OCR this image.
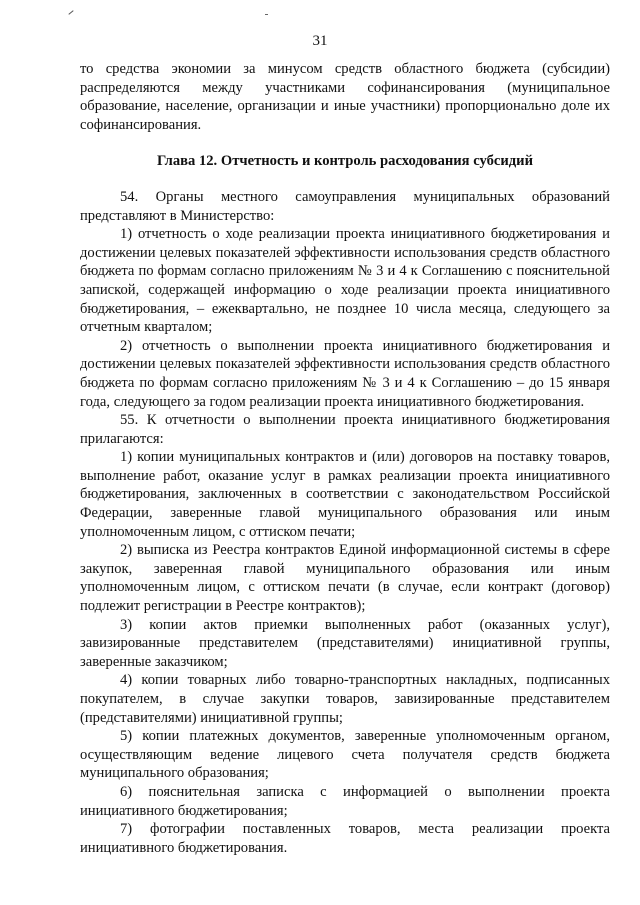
31

то средства экономии за минусом средств областного бюджета (субсидии) распределяются между участниками софинансирования (муниципальное образование, население, организации и иные участники) пропорционально доле их софинансирования.

Глава 12. Отчетность и контроль расходования субсидий

54. Органы местного самоуправления муниципальных образований представляют в Министерство:

1) отчетность о ходе реализации проекта инициативного бюджетирования и достижении целевых показателей эффективности использования средств областного бюджета по формам согласно приложениям № 3 и 4 к Соглашению с пояснительной запиской, содержащей информацию о ходе реализации проекта инициативного бюджетирования, – ежеквартально, не позднее 10 числа месяца, следующего за отчетным кварталом;

2) отчетность о выполнении проекта инициативного бюджетирования и достижении целевых показателей эффективности использования средств областного бюджета по формам согласно приложениям № 3 и 4 к Соглашению – до 15 января года, следующего за годом реализации проекта инициативного бюджетирования.

55. К отчетности о выполнении проекта инициативного бюджетирования прилагаются:

1) копии муниципальных контрактов и (или) договоров на поставку товаров, выполнение работ, оказание услуг в рамках реализации проекта инициативного бюджетирования, заключенных в соответствии с законодательством Российской Федерации, заверенные главой муниципального образования или иным уполномоченным лицом, с оттиском печати;

2) выписка из Реестра контрактов Единой информационной системы в сфере закупок, заверенная главой муниципального образования или иным уполномоченным лицом, с оттиском печати (в случае, если контракт (договор) подлежит регистрации в Реестре контрактов);

3) копии актов приемки выполненных работ (оказанных услуг), завизированные представителем (представителями) инициативной группы, заверенные заказчиком;

4) копии товарных либо товарно-транспортных накладных, подписанных покупателем, в случае закупки товаров, завизированные представителем (представителями) инициативной группы;

5) копии платежных документов, заверенные уполномоченным органом, осуществляющим ведение лицевого счета получателя средств бюджета муниципального образования;

6) пояснительная записка с информацией о выполнении проекта инициативного бюджетирования;

7) фотографии поставленных товаров, места реализации проекта инициативного бюджетирования.
